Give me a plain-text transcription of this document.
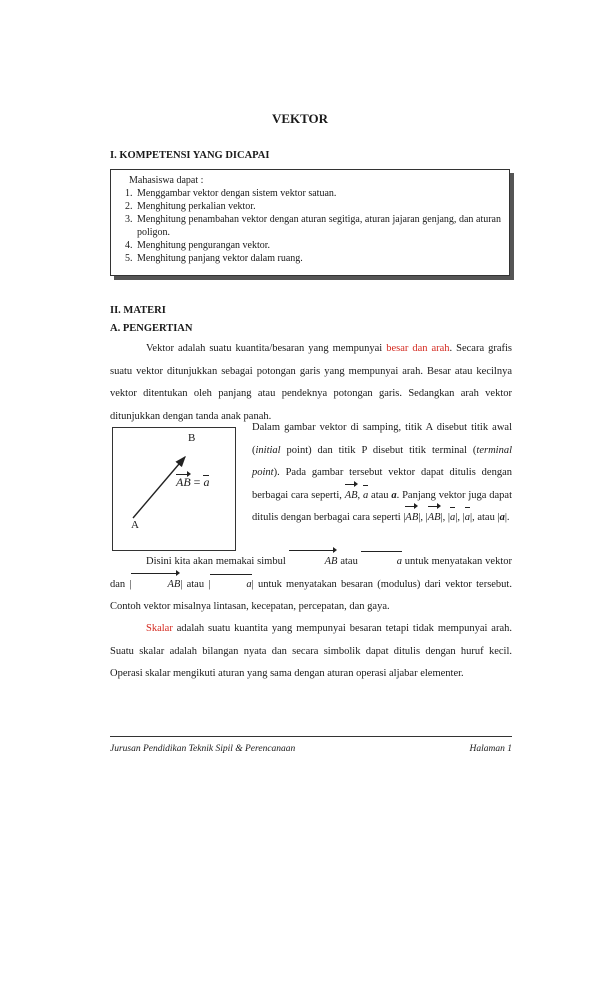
VEKTOR
I. KOMPETENSI YANG DICAPAI
Mahasiswa dapat :
1. Menggambar vektor dengan sistem vektor satuan.
2. Menghitung perkalian vektor.
3. Menghitung penambahan vektor dengan aturan segitiga, aturan jajaran genjang, dan aturan poligon.
4. Menghitung pengurangan vektor.
5. Menghitung panjang vektor dalam ruang.
II. MATERI
A. PENGERTIAN
Vektor adalah suatu kuantita/besaran yang mempunyai besar dan arah. Secara grafis suatu vektor ditunjukkan sebagai potongan garis yang mempunyai arah. Besar atau kecilnya vektor ditentukan oleh panjang atau pendeknya potongan garis. Sedangkan arah vektor ditunjukkan dengan tanda anak panah.
B
A
AB = a
Dalam gambar vektor di samping, titik A disebut titik awal (initial point) dan titik P disebut titik terminal (terminal point). Pada gambar tersebut vektor dapat ditulis dengan berbagai cara seperti, AB, a atau a. Panjang vektor juga dapat ditulis dengan berbagai cara seperti |AB|, |AB|, |a|, |a|, atau |a|.
Disini kita akan memakai simbul	AB atau	a untuk menyatakan vektor dan |	AB| atau |	a| untuk menyatakan besaran (modulus) dari vektor tersebut. Contoh vektor misalnya lintasan, kecepatan, percepatan, dan gaya.
Skalar adalah suatu kuantita yang mempunyai besaran tetapi tidak mempunyai arah. Suatu skalar adalah bilangan nyata dan secara simbolik dapat ditulis dengan huruf kecil. Operasi skalar mengikuti aturan yang sama dengan aturan operasi aljabar elementer.
Jurusan Pendidikan Teknik Sipil & Perencanaan	Halaman 1
